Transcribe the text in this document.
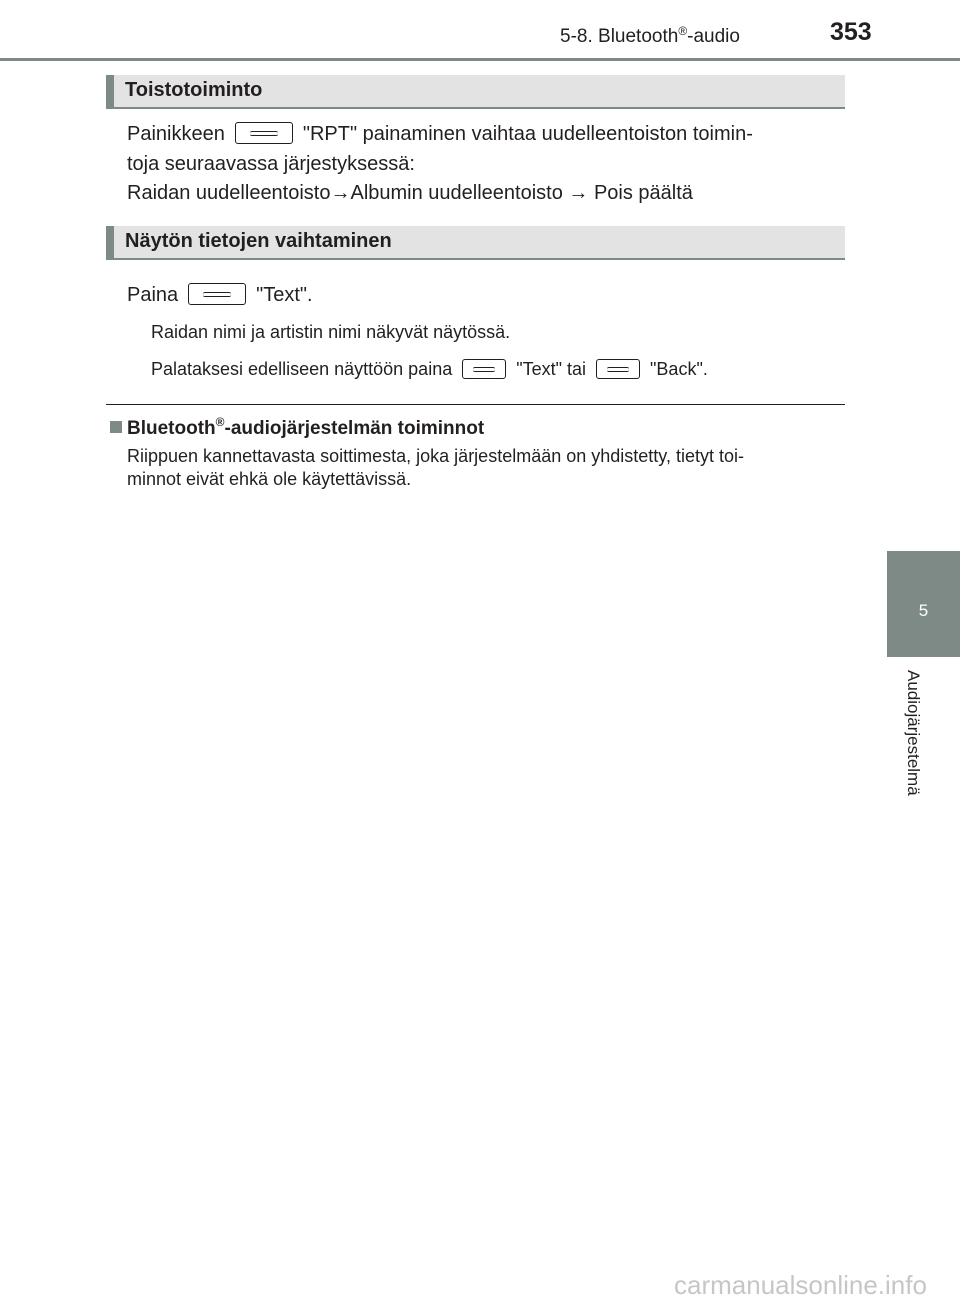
5-8. Bluetooth®-audio	353
5
Audiojärjestelmä
Toistotoiminto
Painikkeen	"RPT" painaminen vaihtaa uudelleentoiston toimin-
toja seuraavassa järjestyksessä:
Raidan uudelleentoisto→Albumin uudelleentoisto → Pois päältä
Näytön tietojen vaihtaminen
Paina	"Text".
Raidan nimi ja artistin nimi näkyvät näytössä.
Palataksesi edelliseen näyttöön paina	"Text" tai	"Back".
Bluetooth®-audiojärjestelmän toiminnot
Riippuen kannettavasta soittimesta, joka järjestelmään on yhdistetty, tietyt toi-
minnot eivät ehkä ole käytettävissä.
carmanualsonline.info
